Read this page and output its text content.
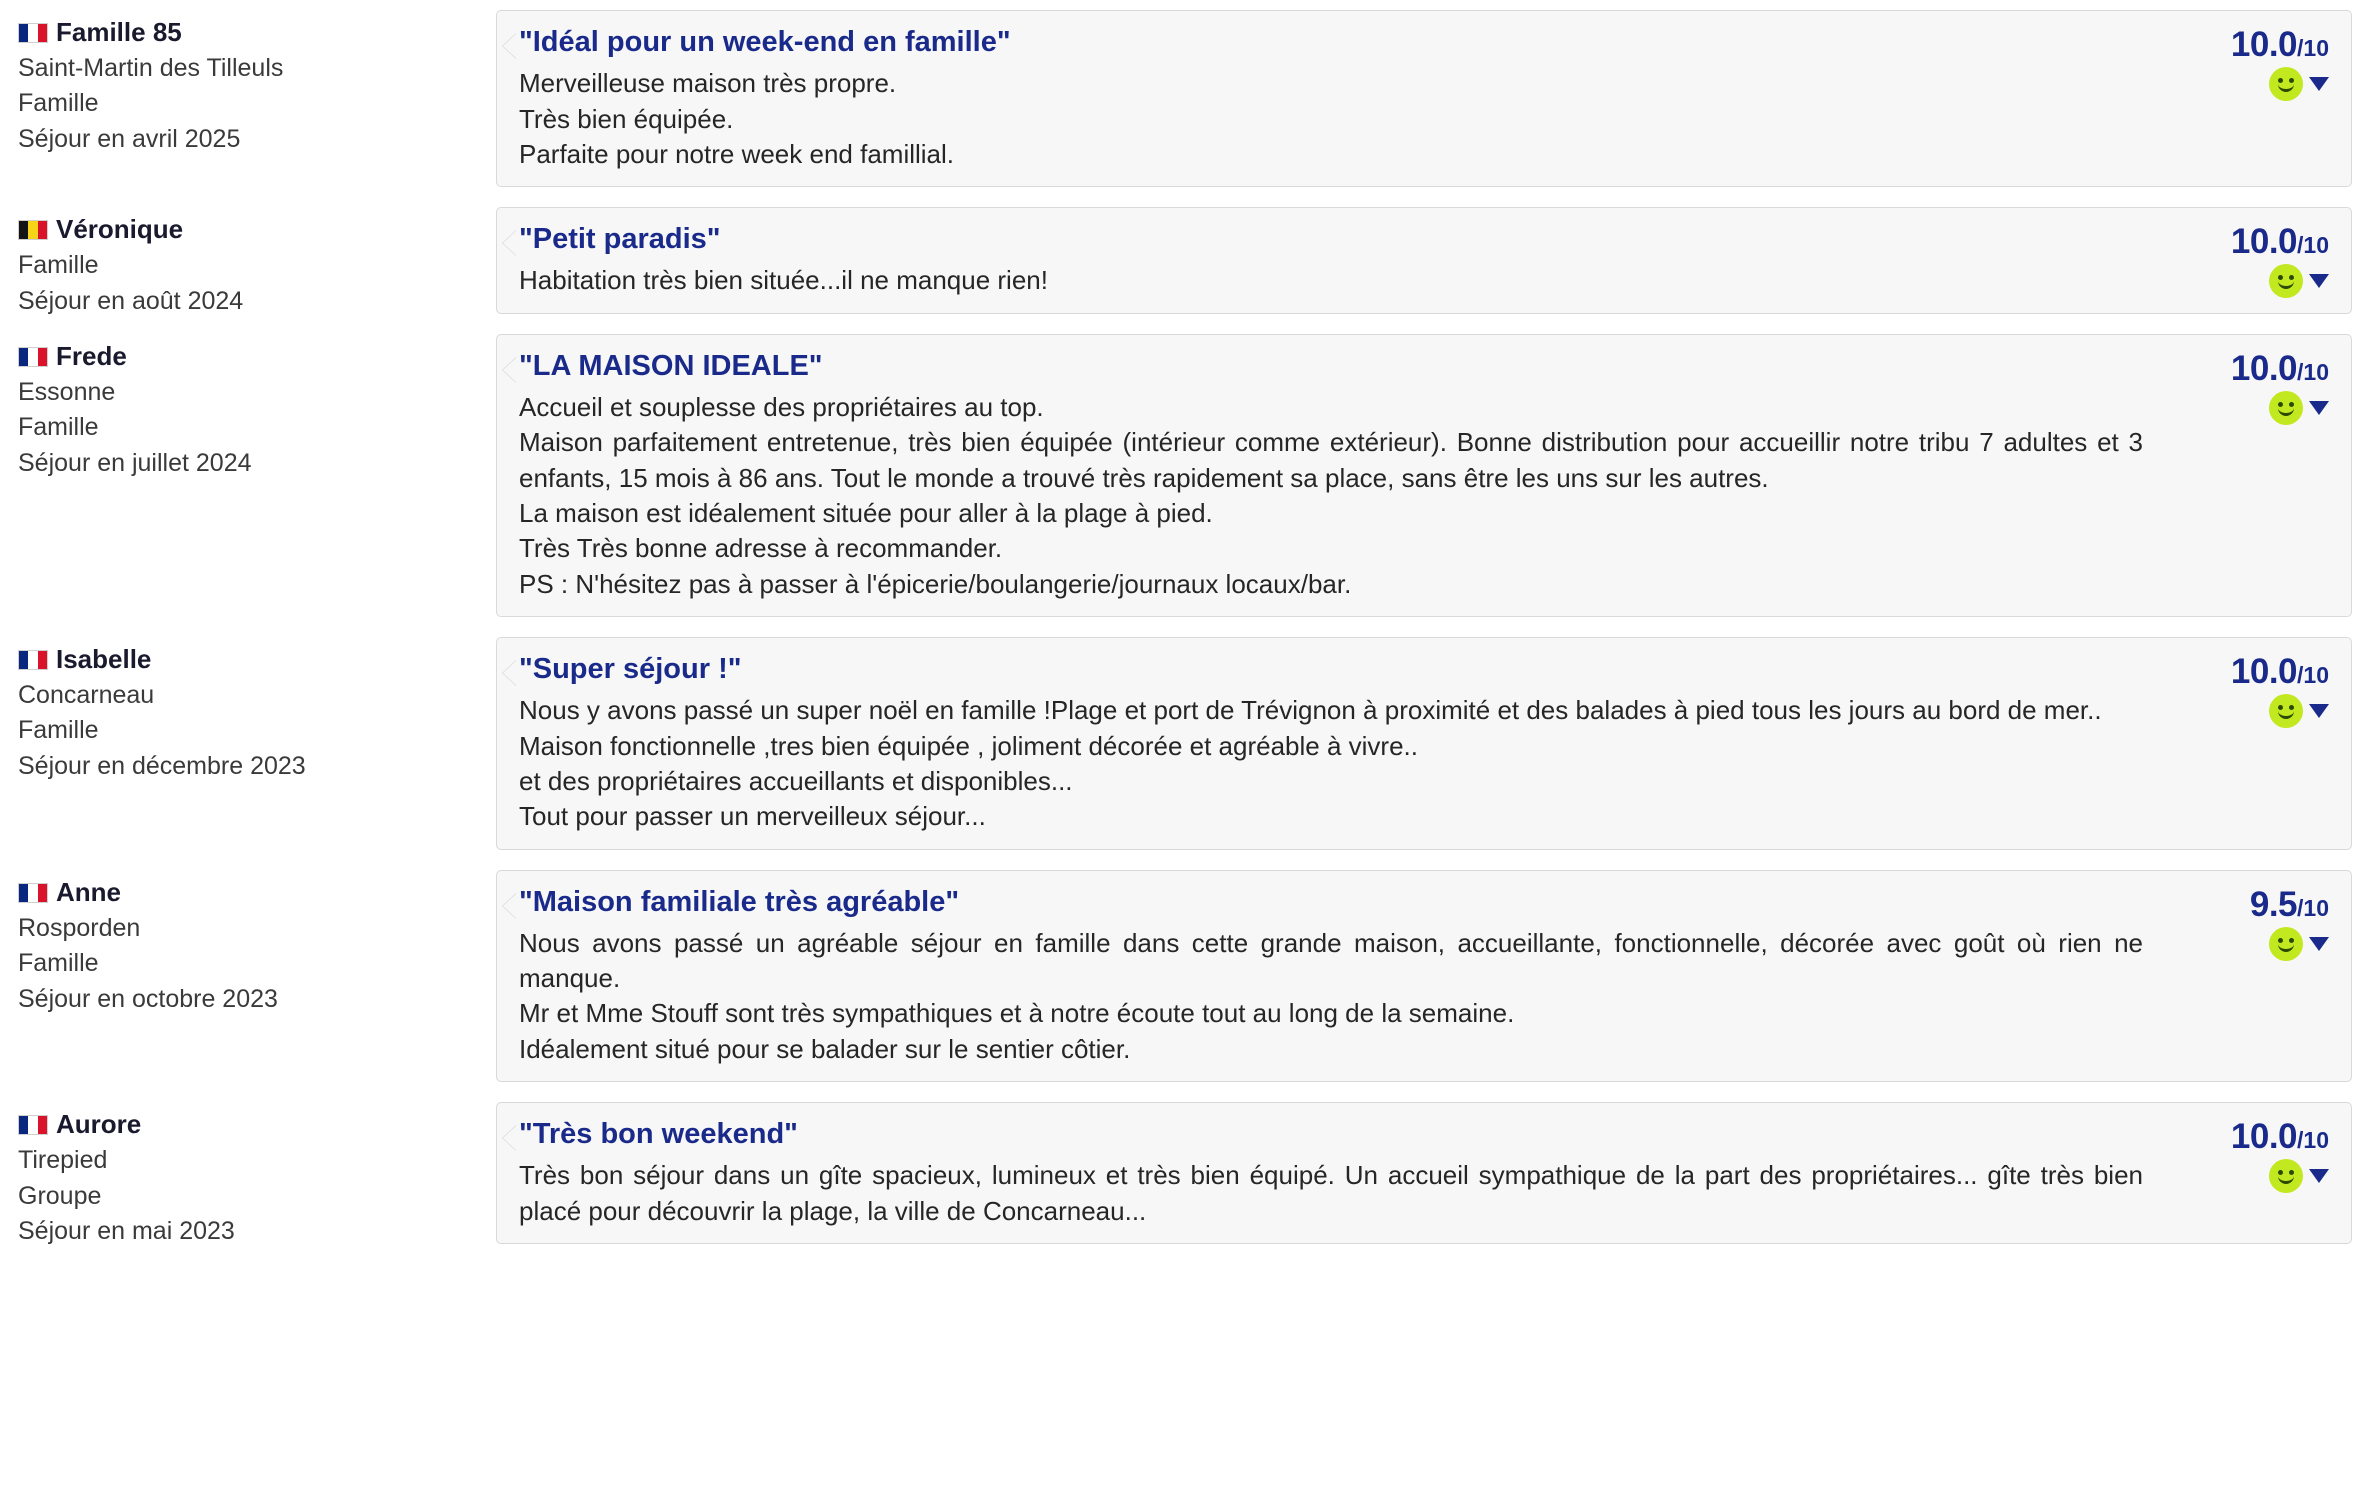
Famille 85
Saint-Martin des Tilleuls
Famille
Séjour en avril 2025
"Idéal pour un week-end en famille"
Merveilleuse maison très propre.
Très bien équipée.
Parfaite pour notre week end famillial.
10.0/10
Véronique
Famille
Séjour en août 2024
"Petit paradis"
Habitation très bien située...il ne manque rien!
10.0/10
Frede
Essonne
Famille
Séjour en juillet 2024
"LA MAISON IDEALE"
Accueil et souplesse des propriétaires au top.
Maison parfaitement entretenue, très bien équipée (intérieur comme extérieur). Bonne distribution pour accueillir notre tribu 7 adultes et 3 enfants, 15 mois à 86 ans. Tout le monde a trouvé très rapidement sa place, sans être les uns sur les autres.
La maison est idéalement située pour aller à la plage à pied.
Très Très bonne adresse à recommander.
PS : N'hésitez pas à passer à l'épicerie/boulangerie/journaux locaux/bar.
10.0/10
Isabelle
Concarneau
Famille
Séjour en décembre 2023
"Super séjour !"
Nous y avons passé un super noël en famille !Plage et port de Trévignon à proximité et des balades à pied tous les jours au bord de mer..
Maison fonctionnelle ,tres bien équipée , joliment décorée et agréable à vivre..
et des propriétaires accueillants et disponibles...
Tout pour passer un merveilleux séjour...
10.0/10
Anne
Rosporden
Famille
Séjour en octobre 2023
"Maison familiale très agréable"
Nous avons passé un agréable séjour en famille dans cette grande maison, accueillante, fonctionnelle, décorée avec goût où rien ne manque.
Mr et Mme Stouff sont très sympathiques et à notre écoute tout au long de la semaine.
Idéalement situé pour se balader sur le sentier côtier.
9.5/10
Aurore
Tirepied
Groupe
Séjour en mai 2023
"Très bon weekend"
Très bon séjour dans un gîte spacieux, lumineux et très bien équipé. Un accueil sympathique de la part des propriétaires... gîte très bien placé pour découvrir la plage, la ville de Concarneau...
10.0/10
